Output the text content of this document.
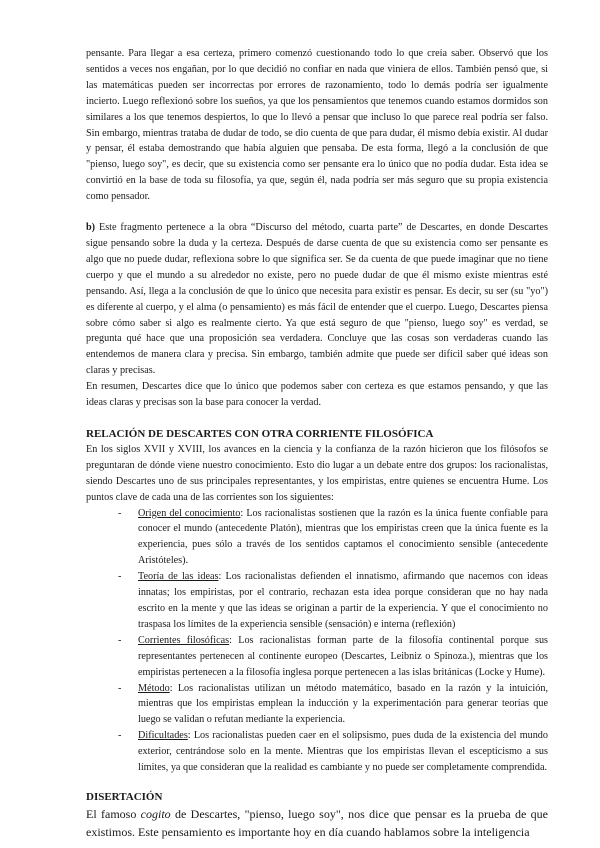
pensante. Para llegar a esa certeza, primero comenzó cuestionando todo lo que creía saber. Observó que los sentidos a veces nos engañan, por lo que decidió no confiar en nada que viniera de ellos. También pensó que, si las matemáticas pueden ser incorrectas por errores de razonamiento, todo lo demás podría ser igualmente incierto. Luego reflexionó sobre los sueños, ya que los pensamientos que tenemos cuando estamos dormidos son similares a los que tenemos despiertos, lo que lo llevó a pensar que incluso lo que parece real podría ser falso. Sin embargo, mientras trataba de dudar de todo, se dio cuenta de que para dudar, él mismo debía existir. Al dudar y pensar, él estaba demostrando que había alguien que pensaba. De esta forma, llegó a la conclusión de que "pienso, luego soy", es decir, que su existencia como ser pensante era lo único que no podía dudar. Esta idea se convirtió en la base de toda su filosofía, ya que, según él, nada podría ser más seguro que su propia existencia como pensador.

b) Este fragmento pertenece a la obra “Discurso del método, cuarta parte” de Descartes, en donde Descartes sigue pensando sobre la duda y la certeza. Después de darse cuenta de que su existencia como ser pensante es algo que no puede dudar, reflexiona sobre lo que significa ser. Se da cuenta de que puede imaginar que no tiene cuerpo y que el mundo a su alrededor no existe, pero no puede dudar de que él mismo existe mientras esté pensando. Así, llega a la conclusión de que lo único que necesita para existir es pensar. Es decir, su ser (su "yo") es diferente al cuerpo, y el alma (o pensamiento) es más fácil de entender que el cuerpo. Luego, Descartes piensa sobre cómo saber si algo es realmente cierto. Ya que está seguro de que "pienso, luego soy" es verdad, se pregunta qué hace que una proposición sea verdadera. Concluye que las cosas son verdaderas cuando las entendemos de manera clara y precisa. Sin embargo, también admite que puede ser difícil saber qué ideas son claras y precisas.

En resumen, Descartes dice que lo único que podemos saber con certeza es que estamos pensando, y que las ideas claras y precisas son la base para conocer la verdad.

RELACIÓN DE DESCARTES CON OTRA CORRIENTE FILOSÓFICA

En los siglos XVII y XVIII, los avances en la ciencia y la confianza de la razón hicieron que los filósofos se preguntaran de dónde viene nuestro conocimiento. Esto dio lugar a un debate entre dos grupos: los racionalistas, siendo Descartes uno de sus principales representantes, y los empiristas, entre quienes se encuentra Hume. Los puntos clave de cada una de las corrientes son los siguientes:

- Origen del conocimiento: Los racionalistas sostienen que la razón es la única fuente confiable para conocer el mundo (antecedente Platón), mientras que los empiristas creen que la única fuente es la experiencia, pues sólo a través de los sentidos captamos el conocimiento sensible (antecedente Aristóteles).
- Teoría de las ideas: Los racionalistas defienden el innatismo, afirmando que nacemos con ideas innatas; los empiristas, por el contrario, rechazan esta idea porque consideran que no hay nada escrito en la mente y que las ideas se originan a partir de la experiencia. Y que el conocimiento no traspasa los límites de la experiencia sensible (sensación) e interna (reflexión)
- Corrientes filosóficas: Los racionalistas forman parte de la filosofía continental porque sus representantes pertenecen al continente europeo (Descartes, Leibniz o Spinoza.), mientras que los empiristas pertenecen a la filosofía inglesa porque pertenecen a las islas británicas (Locke y Hume).
- Método: Los racionalistas utilizan un método matemático, basado en la razón y la intuición, mientras que los empiristas emplean la inducción y la experimentación para generar teorías que luego se validan o refutan mediante la experiencia.
- Dificultades: Los racionalistas pueden caer en el solipsismo, pues duda de la existencia del mundo exterior, centrándose solo en la mente. Mientras que los empiristas llevan el escepticismo a sus límites, ya que consideran que la realidad es cambiante y no puede ser completamente comprendida.
DISERTACIÓN

El famoso cogito de Descartes, "pienso, luego soy", nos dice que pensar es la prueba de que existimos. Este pensamiento es importante hoy en día cuando hablamos sobre la inteligencia
